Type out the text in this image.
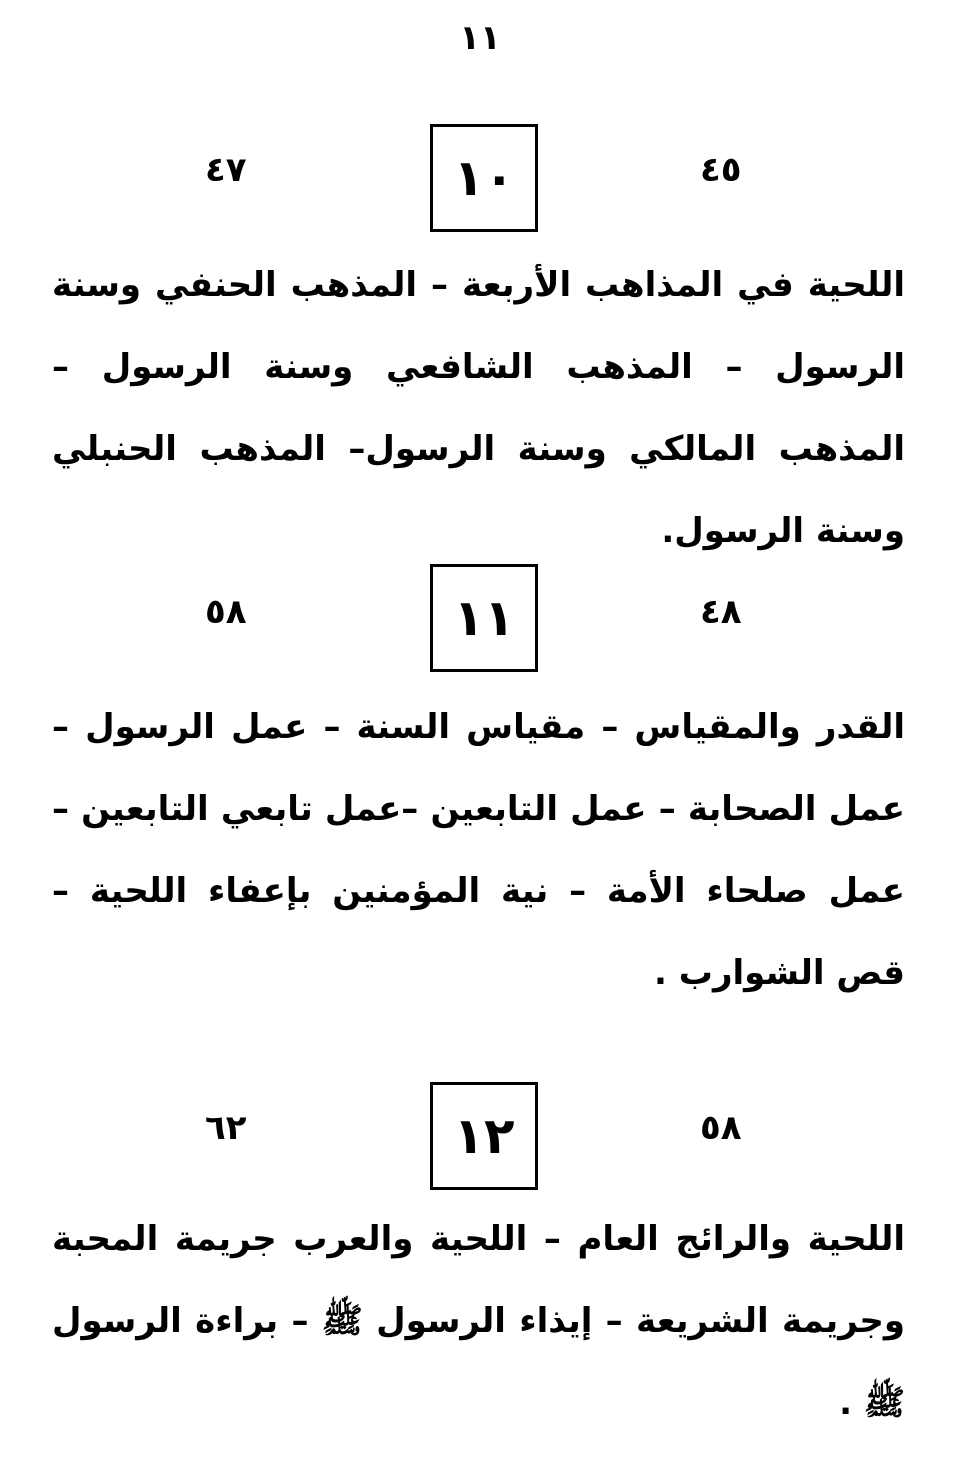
١١
٤٥
١٠
٤٧
اللحية في المذاهب الأربعة – المذهب الحنفي وسنة الرسول – المذهب الشافعي وسنة الرسول – المذهب المالكي وسنة الرسول– المذهب الحنبلي وسنة الرسول.
٤٨
١١
٥٨
القدر والمقياس – مقياس السنة – عمل الرسول – عمل الصحابة – عمل التابعين –عمل تابعي التابعين – عمل صلحاء الأمة – نية المؤمنين بإعفاء اللحية – قص الشوارب .
٥٨
١٢
٦٢
اللحية والرائج العام – اللحية والعرب جريمة المحبة وجريمة الشريعة – إيذاء الرسول ﷺ – براءة الرسول ﷺ .
